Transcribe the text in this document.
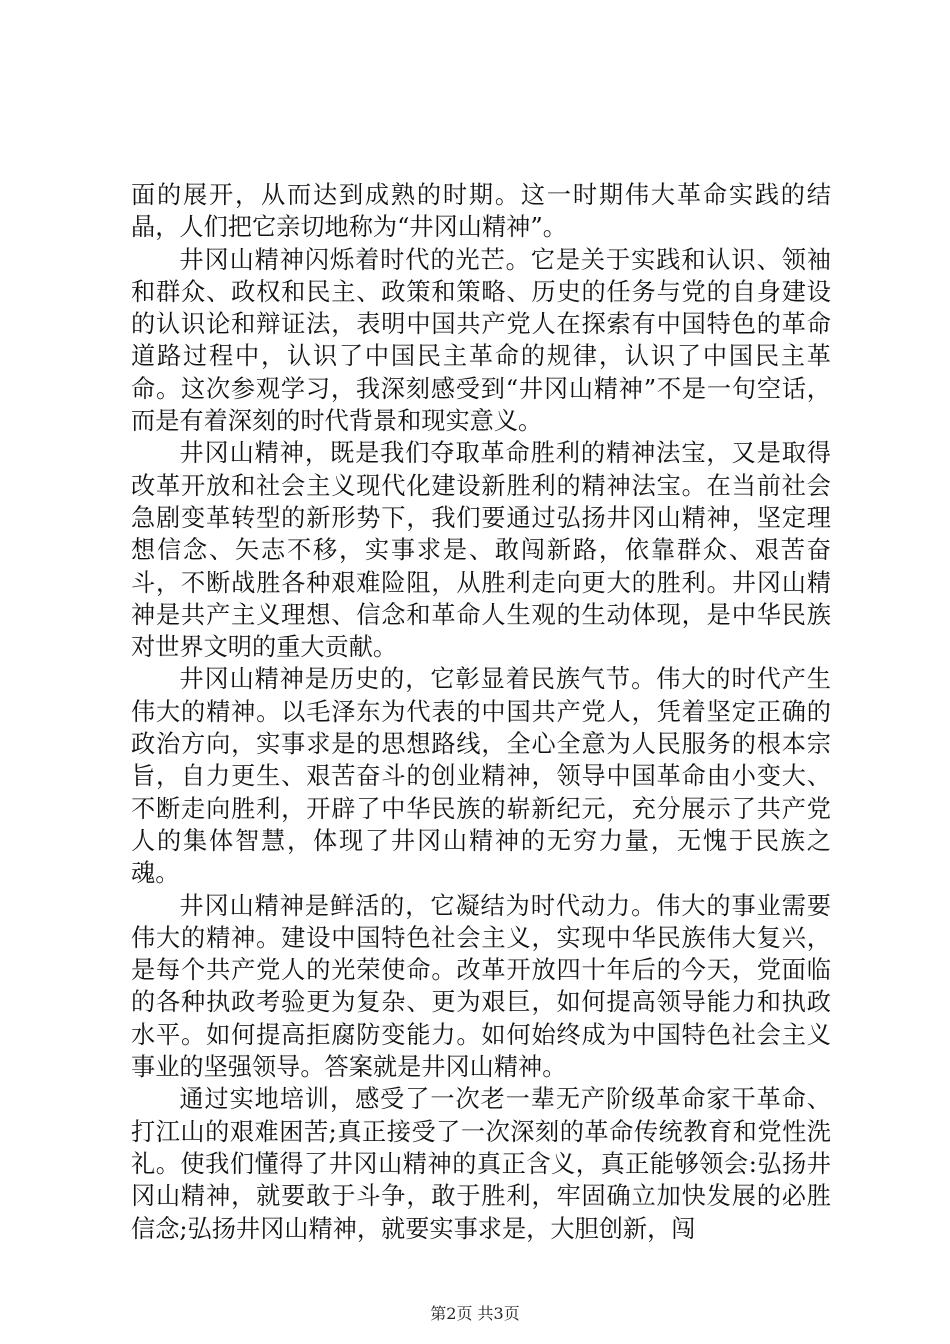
面的展开，从而达到成熟的时期。这一时期伟大革命实践的结晶，人们把它亲切地称为“井冈山精神”。

井冈山精神闪烁着时代的光芒。它是关于实践和认识、领袖和群众、政权和民主、政策和策略、历史的任务与党的自身建设的认识论和辩证法，表明中国共产党人在探索有中国特色的革命道路过程中，认识了中国民主革命的规律，认识了中国民主革命。这次参观学习，我深刻感受到“井冈山精神”不是一句空话，而是有着深刻的时代背景和现实意义。

井冈山精神，既是我们夺取革命胜利的精神法宝，又是取得改革开放和社会主义现代化建设新胜利的精神法宝。在当前社会急剧变革转型的新形势下，我们要通过弘扬井冈山精神，坚定理想信念、矢志不移，实事求是、敢闯新路，依靠群众、艰苦奋斗，不断战胜各种艰难险阻，从胜利走向更大的胜利。井冈山精神是共产主义理想、信念和革命人生观的生动体现，是中华民族对世界文明的重大贡献。

井冈山精神是历史的，它彰显着民族气节。伟大的时代产生伟大的精神。以毛泽东为代表的中国共产党人，凭着坚定正确的政治方向，实事求是的思想路线，全心全意为人民服务的根本宗旨，自力更生、艰苦奋斗的创业精神，领导中国革命由小变大、不断走向胜利，开辟了中华民族的崭新纪元，充分展示了共产党人的集体智慧，体现了井冈山精神的无穷力量，无愧于民族之魂。

井冈山精神是鲜活的，它凝结为时代动力。伟大的事业需要伟大的精神。建设中国特色社会主义，实现中华民族伟大复兴，是每个共产党人的光荣使命。改革开放四十年后的今天，党面临的各种执政考验更为复杂、更为艰巨，如何提高领导能力和执政水平。如何提高拒腐防变能力。如何始终成为中国特色社会主义事业的坚强领导。答案就是井冈山精神。

通过实地培训，感受了一次老一辈无产阶级革命家干革命、打江山的艰难困苦;真正接受了一次深刻的革命传统教育和党性洗礼。使我们懂得了井冈山精神的真正含义，真正能够领会:弘扬井冈山精神，就要敢于斗争，敢于胜利，牢固确立加快发展的必胜信念;弘扬井冈山精神，就要实事求是，大胆创新，闯

第2页 共3页
